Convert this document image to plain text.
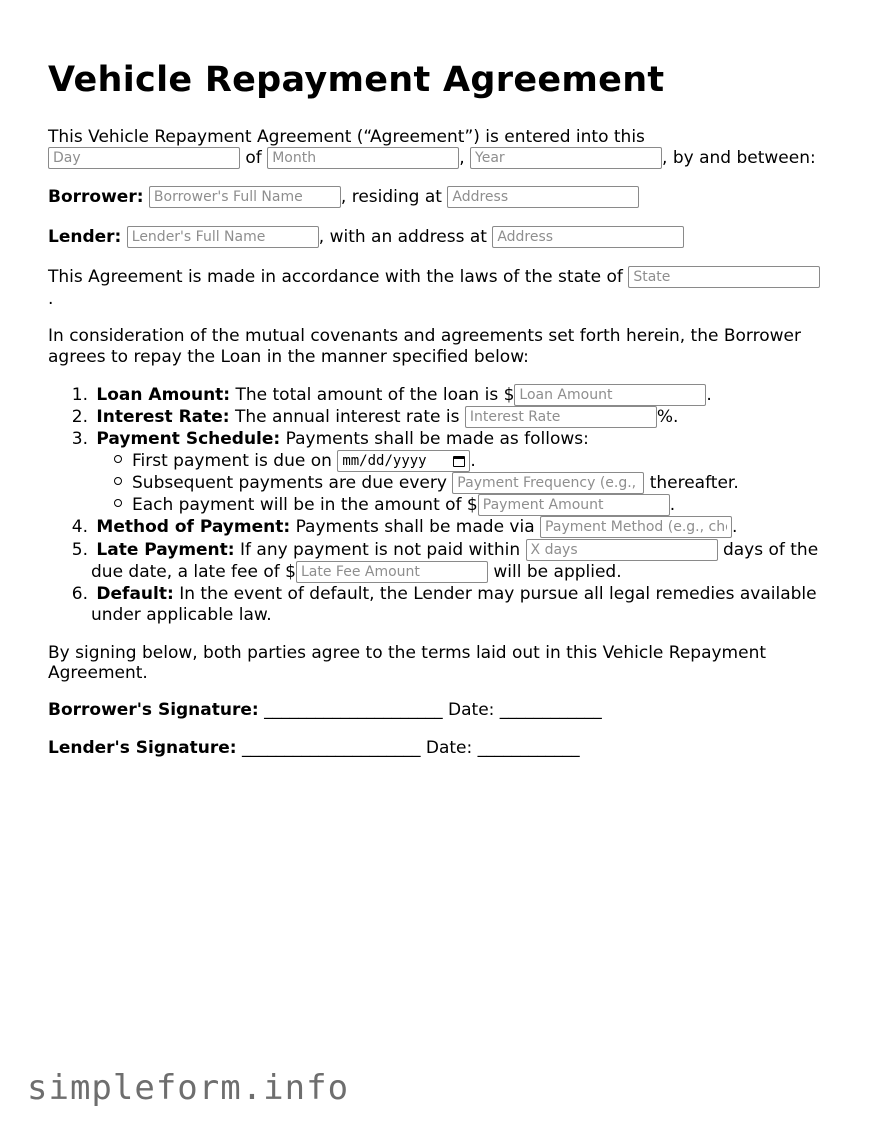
Vehicle Repayment Agreement
This Vehicle Repayment Agreement (“Agreement”) is entered into this
Day of Month	, Year	, by and between:
Borrower: Borrower's Full Name	, residing at Address
Lender: Lender's Full Name	, with an address at Address
This Agreement is made in accordance with the laws of the state of State
.
In consideration of the mutual covenants and agreements set forth herein, the Borrower
agrees to repay the Loan in the manner specified below:
1. Loan Amount: The total amount of the loan is $Loan Amount	.
2. Interest Rate: The annual interest rate is Interest Rate	%.
3. Payment Schedule: Payments shall be made as follows:
First payment is due on mm/dd/yyyy	.
Subsequent payments are due every Payment Frequency (e.g., m	thereafter.
Each payment will be in the amount of $Payment Amount	.
4. Method of Payment: Payments shall be made via Payment Method (e.g., che	.
5. Late Payment: If any payment is not paid within X days	days of the
due date, a late fee of $Late Fee Amount	will be applied.
6. Default: In the event of default, the Lender may pursue all legal remedies available
under applicable law.
By signing below, both parties agree to the terms laid out in this Vehicle Repayment
Agreement.
Borrower's Signature: _____________________ Date: ____________
Lender's Signature: _____________________ Date: ____________
simpleform.info
